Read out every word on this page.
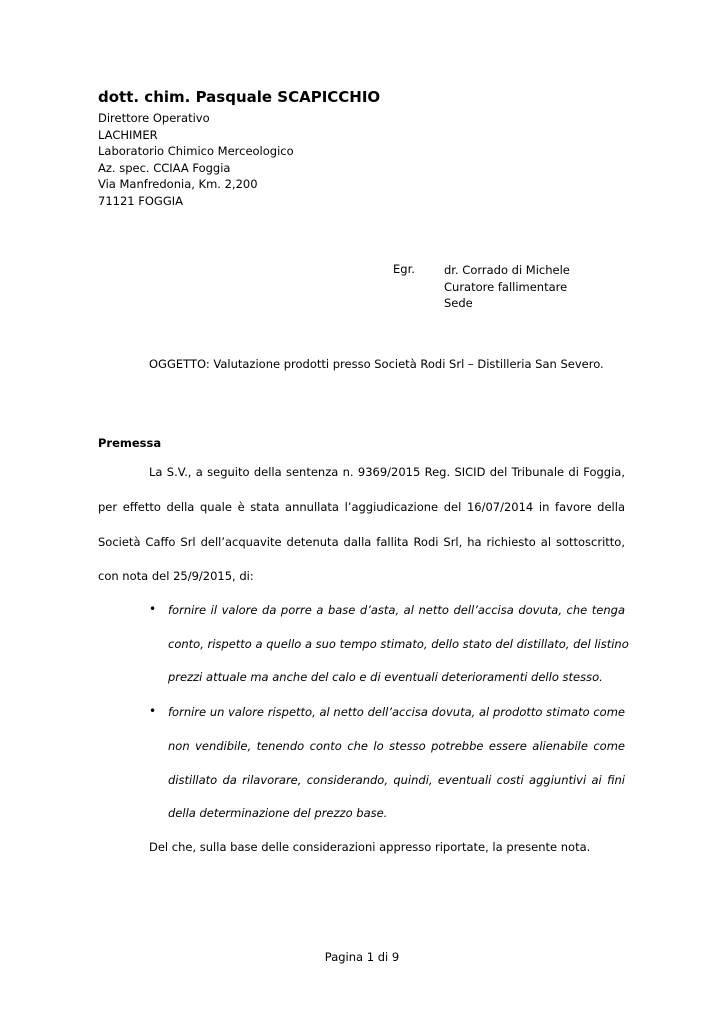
dott. chim. Pasquale SCAPICCHIO
Direttore Operativo
LACHIMER
Laboratorio Chimico Merceologico
Az. spec. CCIAA Foggia
Via Manfredonia, Km. 2,200
71121 FOGGIA
Egr.	dr. Corrado di Michele
Curatore fallimentare
Sede
OGGETTO: Valutazione prodotti presso Società Rodi Srl – Distilleria San Severo.
Premessa
La S.V., a seguito della sentenza n. 9369/2015 Reg. SICID del Tribunale di Foggia,
per effetto della quale è stata annullata l’aggiudicazione del 16/07/2014 in favore della
Società Caffo Srl dell’acquavite detenuta dalla fallita Rodi Srl, ha richiesto al sottoscritto,
con nota del 25/9/2015, di:
• fornire il valore da porre a base d’asta, al netto dell’accisa dovuta, che tenga
conto, rispetto a quello a suo tempo stimato, dello stato del distillato, del listino
prezzi attuale ma anche del calo e di eventuali deterioramenti dello stesso.
• fornire un valore rispetto, al netto dell’accisa dovuta, al prodotto stimato come
non vendibile, tenendo conto che lo stesso potrebbe essere alienabile come
distillato da rilavorare, considerando, quindi, eventuali costi aggiuntivi ai fini
della determinazione del prezzo base.
Del che, sulla base delle considerazioni appresso riportate, la presente nota.
Pagina 1 di 9
